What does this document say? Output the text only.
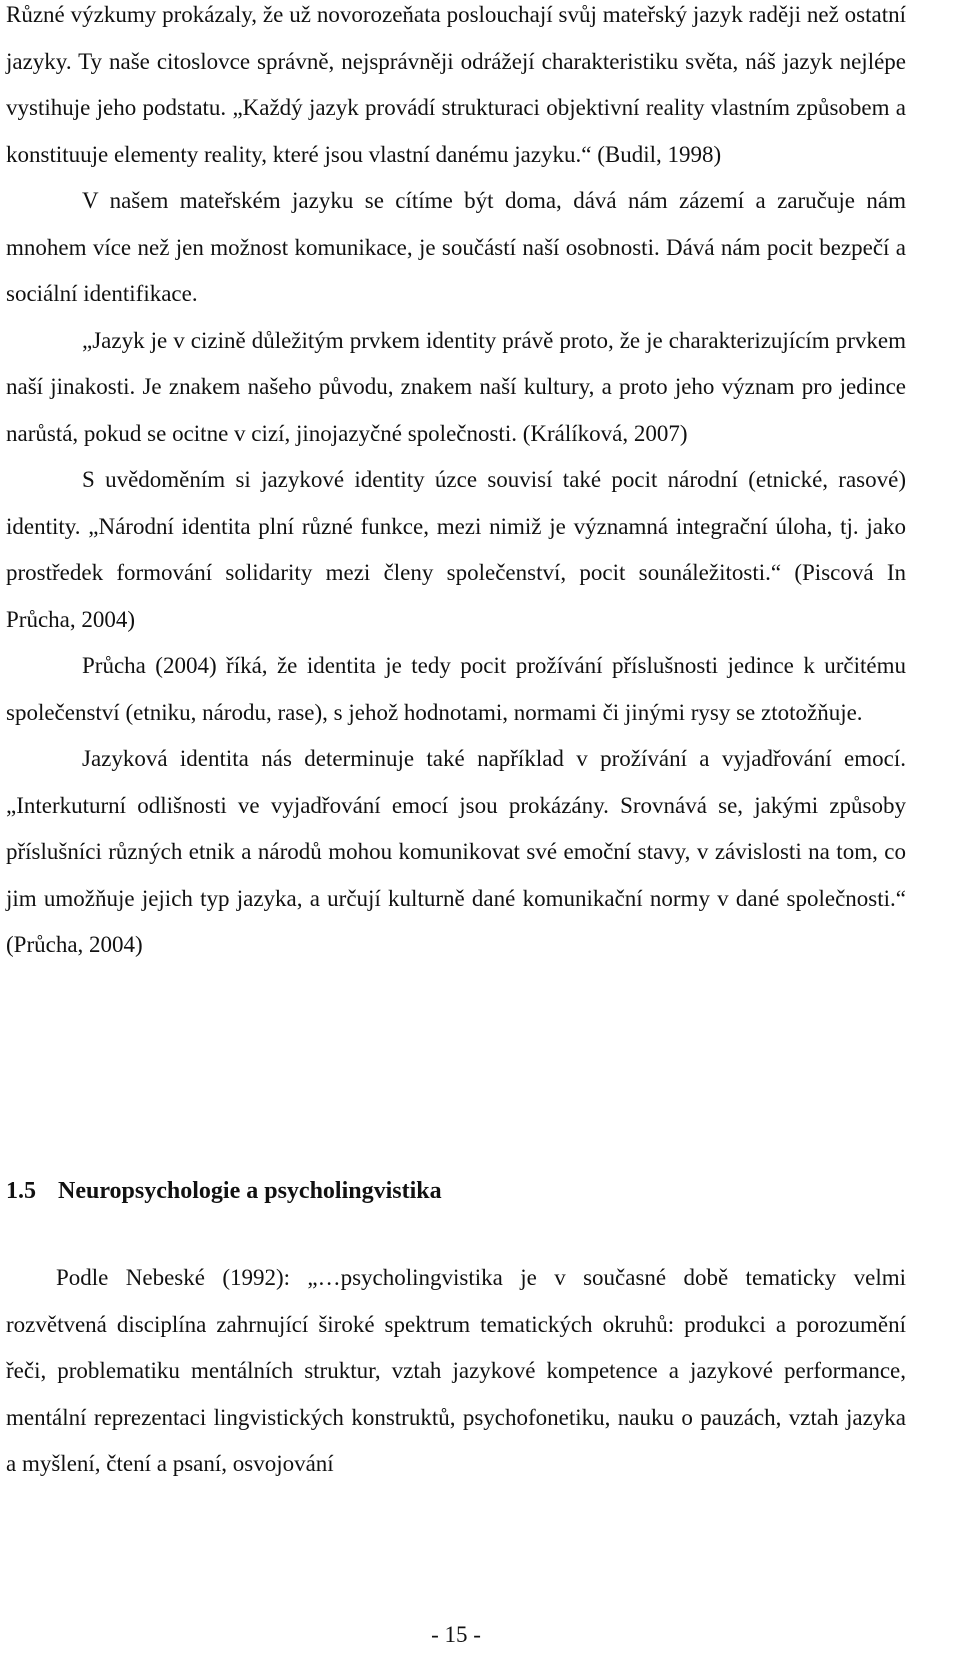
Různé výzkumy prokázaly, že už novorozeňata poslouchají svůj mateřský jazyk raději než ostatní jazyky. Ty naše citoslovce správně, nejsprávněji odrážejí charakteristiku světa, náš jazyk nejlépe vystihuje jeho podstatu. „Každý jazyk provádí strukturaci objektivní reality vlastním způsobem a konstituuje elementy reality, které jsou vlastní danému jazyku.“ (Budil, 1998)

V našem mateřském jazyku se cítíme být doma, dává nám zázemí a zaručuje nám mnohem více než jen možnost komunikace, je součástí naší osobnosti. Dává nám pocit bezpečí a sociální identifikace.

„Jazyk je v cizině důležitým prvkem identity právě proto, že je charakterizujícím prvkem naší jinakosti. Je znakem našeho původu, znakem naší kultury, a proto jeho význam pro jedince narůstá, pokud se ocitne v cizí, jinojazyčné společnosti. (Králíková, 2007)

S uvědoměním si jazykové identity úzce souvisí také pocit národní (etnické, rasové) identity. „Národní identita plní různé funkce, mezi nimiž je významná integrační úloha, tj. jako prostředek formování solidarity mezi členy společenství, pocit sounáležitosti.“ (Piscová In Průcha, 2004)

Průcha (2004) říká, že identita je tedy pocit prožívání příslušnosti jedince k určitému společenství (etniku, národu, rase), s jehož hodnotami, normami či jinými rysy se ztotožňuje.

Jazyková identita nás determinuje také například v prožívání a vyjadřování emocí. „Interkuturní odlišnosti ve vyjadřování emocí jsou prokázány. Srovnává se, jakými způsoby příslušníci různých etnik a národů mohou komunikovat své emoční stavy, v závislosti na tom, co jim umožňuje jejich typ jazyka, a určují kulturně dané komunikační normy v dané společnosti.“ (Průcha, 2004)

1.5 Neuropsychologie a psycholingvistika

Podle Nebeské (1992): „…psycholingvistika je v současné době tematicky velmi rozvětvená disciplína zahrnující široké spektrum tematických okruhů: produkci a porozumění řeči, problematiku mentálních struktur, vztah jazykové kompetence a jazykové performance, mentální reprezentaci lingvistických konstruktů, psychofonetiku, nauku o pauzách, vztah jazyka a myšlení, čtení a psaní, osvojování

- 15 -
